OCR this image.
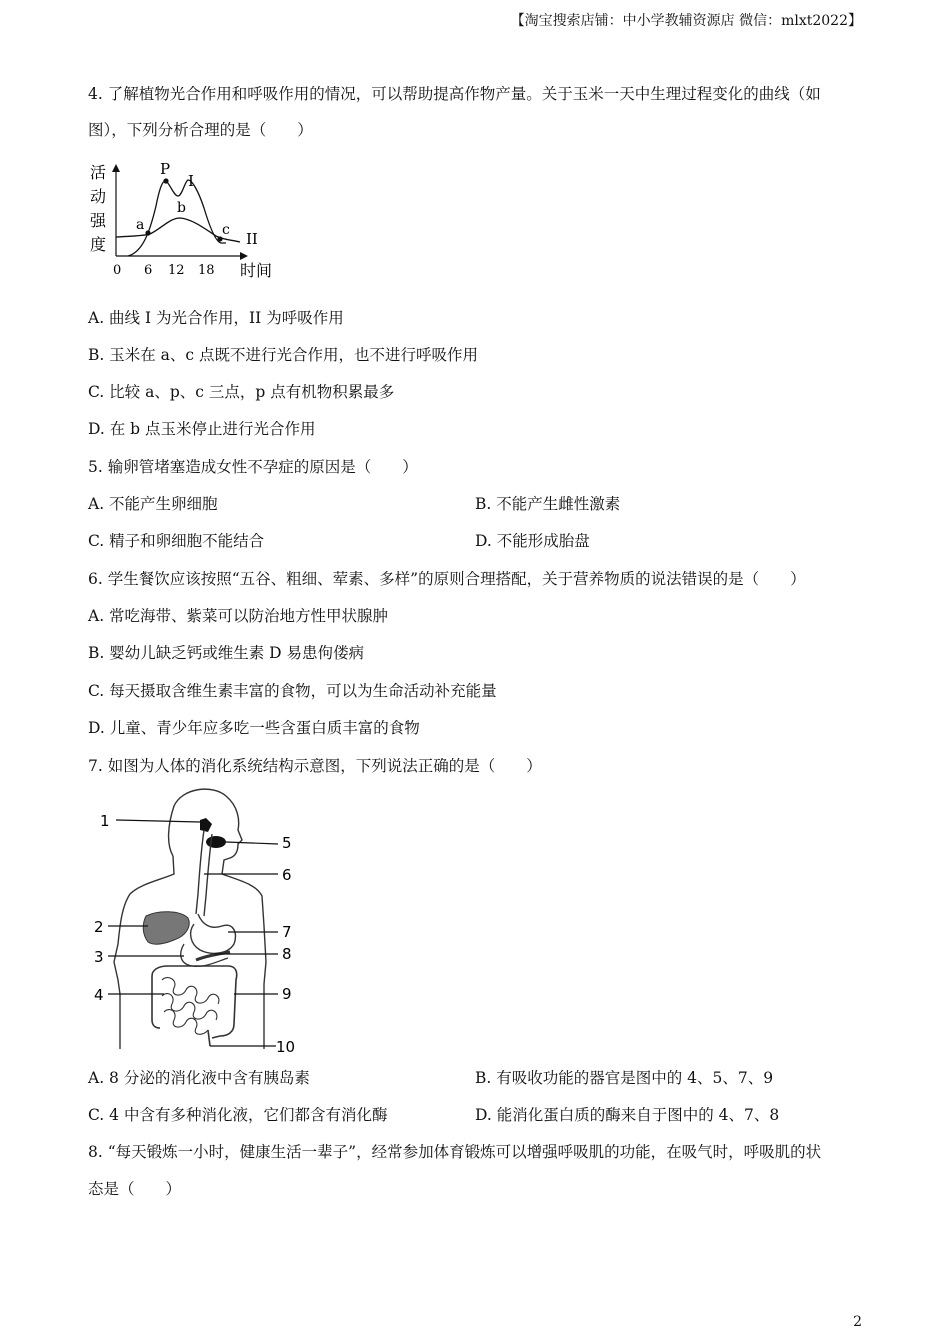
【淘宝搜索店铺：中小学教辅资源店 微信：mlxt2022】
4. 了解植物光合作用和呼吸作用的情况，可以帮助提高作物产量。关于玉米一天中生理过程变化的曲线（如
图），下列分析合理的是（　　）
活
动
强
度
P
I
b
a	c II
0 6 12 18 时间
A. 曲线 I 为光合作用，II 为呼吸作用
B. 玉米在 a、c 点既不进行光合作用，也不进行呼吸作用
C. 比较 a、p、c 三点，p 点有机物积累最多
D. 在 b 点玉米停止进行光合作用
5. 输卵管堵塞造成女性不孕症的原因是（　　）
A. 不能产生卵细胞	B. 不能产生雌性激素
C. 精子和卵细胞不能结合	D. 不能形成胎盘
6. 学生餐饮应该按照“五谷、粗细、荤素、多样”的原则合理搭配，关于营养物质的说法错误的是（　　）
A. 常吃海带、紫菜可以防治地方性甲状腺肿
B. 婴幼儿缺乏钙或维生素 D 易患佝偻病
C. 每天摄取含维生素丰富的食物，可以为生命活动补充能量
D. 儿童、青少年应多吃一些含蛋白质丰富的食物
7. 如图为人体的消化系统结构示意图，下列说法正确的是（　　）
1
2
3
4
5
6
7
8
9
10
A. 8 分泌的消化液中含有胰岛素	B. 有吸收功能的器官是图中的 4、5、7、9
C. 4 中含有多种消化液，它们都含有消化酶	D. 能消化蛋白质的酶来自于图中的 4、7、8
8. “每天锻炼一小时，健康生活一辈子”，经常参加体育锻炼可以增强呼吸肌的功能，在吸气时，呼吸肌的状
态是（　　）
2
